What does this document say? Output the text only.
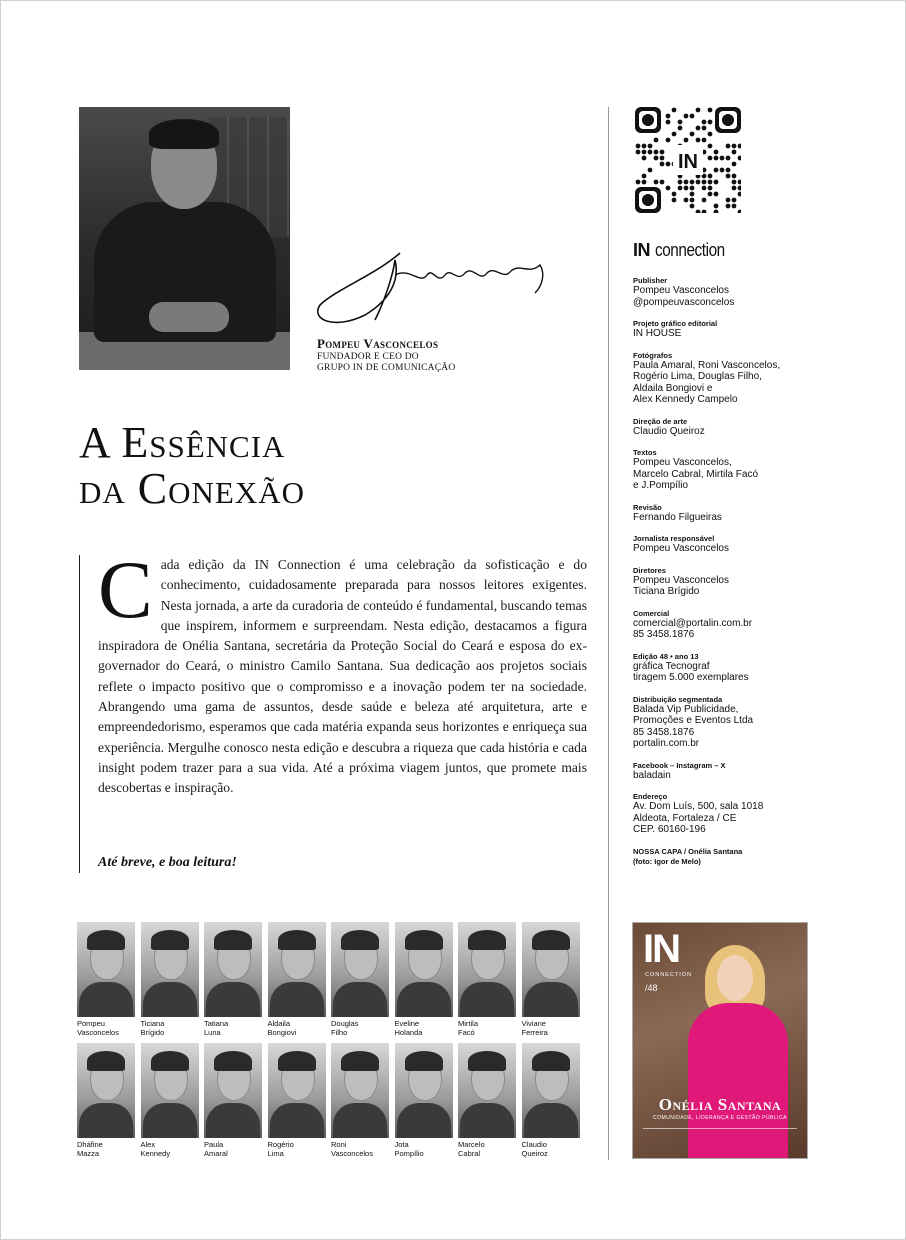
Pompeu Vasconcelos
FUNDADOR E CEO DO
GRUPO IN DE COMUNICAÇÃO
A Essência
da Conexão
C ada edição da IN Connection é uma celebração da sofisticação e do conhecimento, cuidadosamente preparada para nossos leitores exigentes. Nesta jornada, a arte da curadoria de conteúdo é fundamental, buscando temas que inspirem, informem e surpreendam. Nesta edição, destacamos a figura inspiradora de Onélia Santana, secretária da Proteção Social do Ceará e esposa do ex-governador do Ceará, o ministro Camilo Santana. Sua dedicação aos projetos sociais reflete o impacto positivo que o compromisso e a inovação podem ter na sociedade. Abrangendo uma gama de assuntos, desde saúde e beleza até arquitetura, arte e empreendedorismo, esperamos que cada matéria expanda seus horizontes e enriqueça sua experiência. Mergulhe conosco nesta edição e descubra a riqueza que cada história e cada insight podem trazer para a sua vida. Até a próxima viagem juntos, que promete mais descobertas e inspiração.

Até breve, e boa leitura!
IN
IN connection
Publisher
Pompeu Vasconcelos
@pompeuvasconcelos
Projeto gráfico editorial
IN HOUSE
Fotógrafos
Paula Amaral, Roni Vasconcelos,
Rogério Lima, Douglas Filho,
Aldaila Bongiovi e
Alex Kennedy Campelo
Direção de arte
Claudio Queiroz
Textos
Pompeu Vasconcelos,
Marcelo Cabral, Mirtila Facó
e J.Pompílio
Revisão
Fernando Filgueiras
Jornalista responsável
Pompeu Vasconcelos
Diretores
Pompeu Vasconcelos
Ticiana Brígido
Comercial
comercial@portalin.com.br
85 3458.1876
Edição 48 • ano 13
gráfica Tecnograf
tiragem 5.000 exemplares
Distribuição segmentada
Balada Vip Publicidade,
Promoções e Eventos Ltda
85 3458.1876
portalin.com.br
Facebook – Instagram – X
baladain
Endereço
Av. Dom Luís, 500, sala 1018
Aldeota, Fortaleza / CE
CEP. 60160-196
NOSSA CAPA / Onélia Santana
(foto: Igor de Melo)
IN
CONNECTION
/48
Onélia Santana
COMUNIDADE, LIDERANÇA E GESTÃO PÚBLICA
Pompeu
Vasconcelos
Ticiana
Brígido
Tatiana
Luna
Aldaila
Bongiovi
Douglas
Filho
Eveline
Holanda
Mirtila
Facó
Viviane
Ferreira
Dháfine
Mazza
Alex
Kennedy
Paula
Amaral
Rogério
Lima
Roni
Vasconcelos
Jota
Pompílio
Marcelo
Cabral
Claudio
Queiroz
